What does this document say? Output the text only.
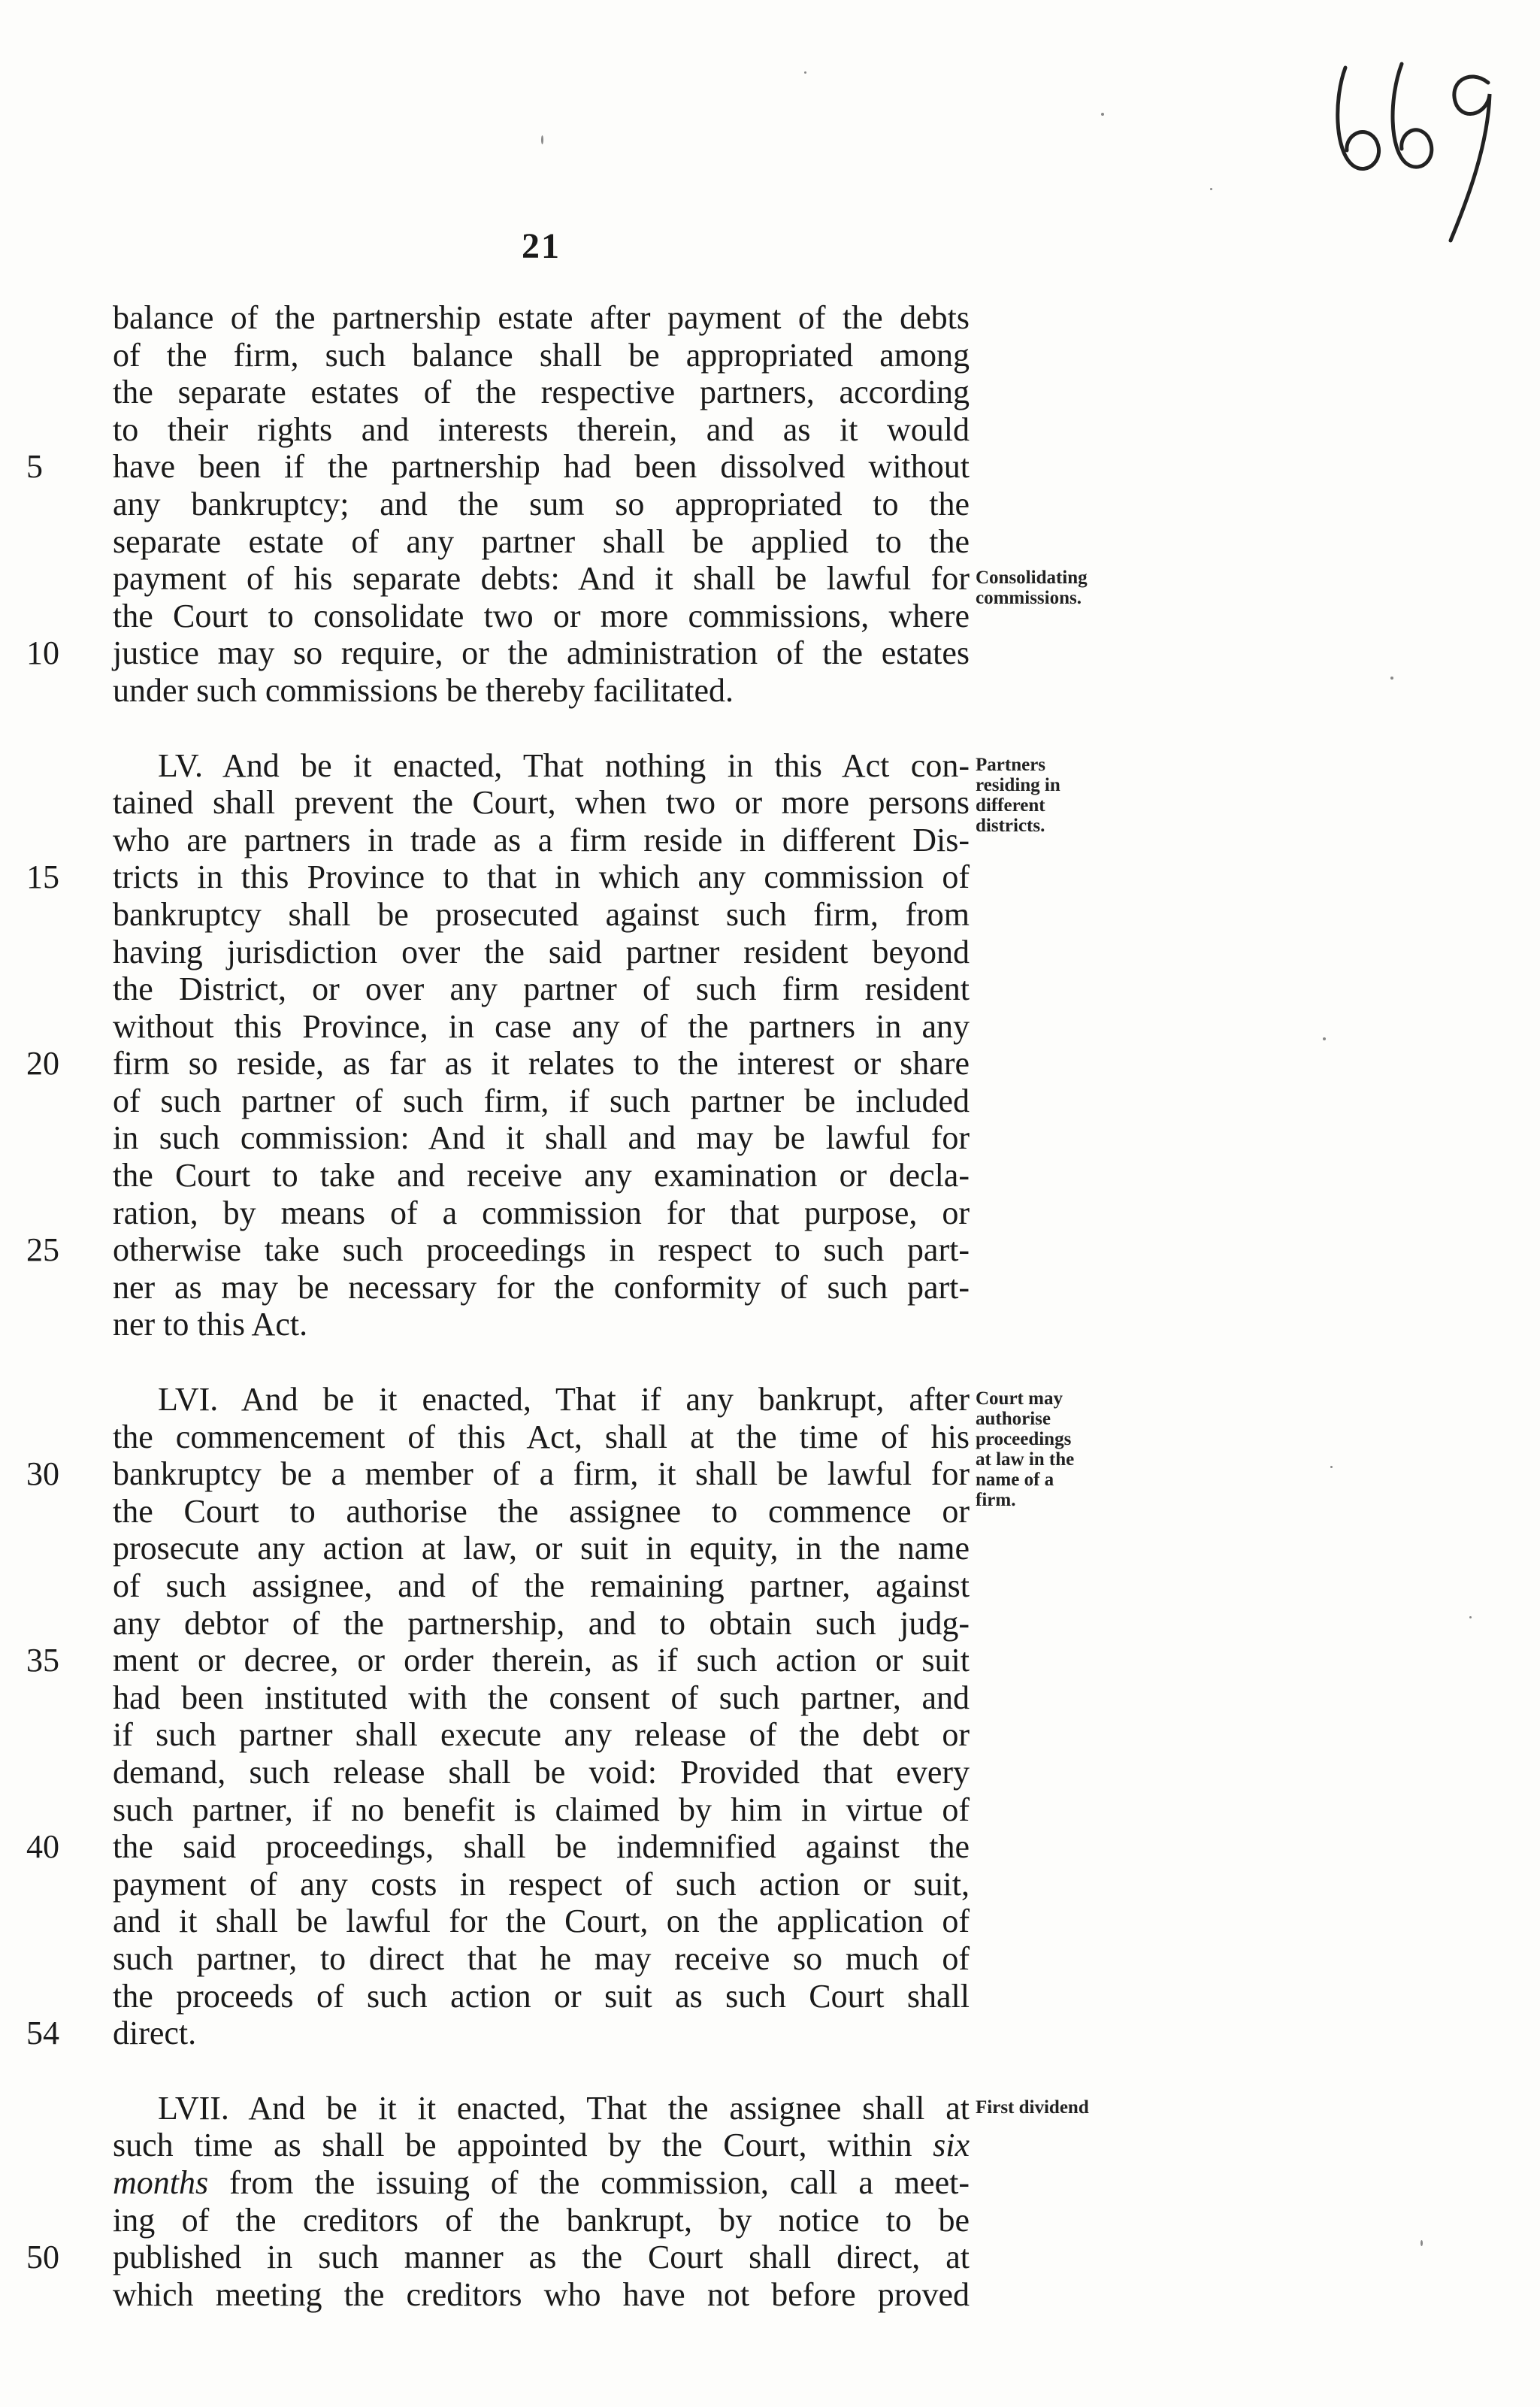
21
balance of the partnership estate after payment of the debts
of the firm, such balance shall be appropriated among
the separate estates of the respective partners, according
to their rights and interests therein, and as it would
5	have been if the partnership had been dissolved without
any bankruptcy; and the sum so appropriated to the
separate estate of any partner shall be applied to the
payment of his separate debts: And it shall be lawful for
the Court to consolidate two or more commissions, where
10	justice may so require, or the administration of the estates
under such commissions be thereby facilitated.
LV. And be it enacted, That nothing in this Act con-
tained shall prevent the Court, when two or more persons
who are partners in trade as a firm reside in different Dis-
15	tricts in this Province to that in which any commission of
bankruptcy shall be prosecuted against such firm, from
having jurisdiction over the said partner resident beyond
the District, or over any partner of such firm resident
without this Province, in case any of the partners in any
20	firm so reside, as far as it relates to the interest or share
of such partner of such firm, if such partner be included
in such commission: And it shall and may be lawful for
the Court to take and receive any examination or decla-
ration, by means of a commission for that purpose, or
25	otherwise take such proceedings in respect to such part-
ner as may be necessary for the conformity of such part-
ner to this Act.
LVI. And be it enacted, That if any bankrupt, after
the commencement of this Act, shall at the time of his
30	bankruptcy be a member of a firm, it shall be lawful for
the Court to authorise the assignee to commence or
prosecute any action at law, or suit in equity, in the name
of such assignee, and of the remaining partner, against
any debtor of the partnership, and to obtain such judg-
35	ment or decree, or order therein, as if such action or suit
had been instituted with the consent of such partner, and
if such partner shall execute any release of the debt or
demand, such release shall be void: Provided that every
such partner, if no benefit is claimed by him in virtue of
40	the said proceedings, shall be indemnified against the
payment of any costs in respect of such action or suit,
and it shall be lawful for the Court, on the application of
such partner, to direct that he may receive so much of
the proceeds of such action or suit as such Court shall
54	direct.
LVII. And be it it enacted, That the assignee shall at
such time as shall be appointed by the Court, within six
months from the issuing of the commission, call a meet-
ing of the creditors of the bankrupt, by notice to be
50	published in such manner as the Court shall direct, at
which meeting the creditors who have not before proved
Consolidating
commissions.
Partners
residing in
different
districts.
Court may
authorise
proceedings
at law in the
name of a
firm.
First dividend
